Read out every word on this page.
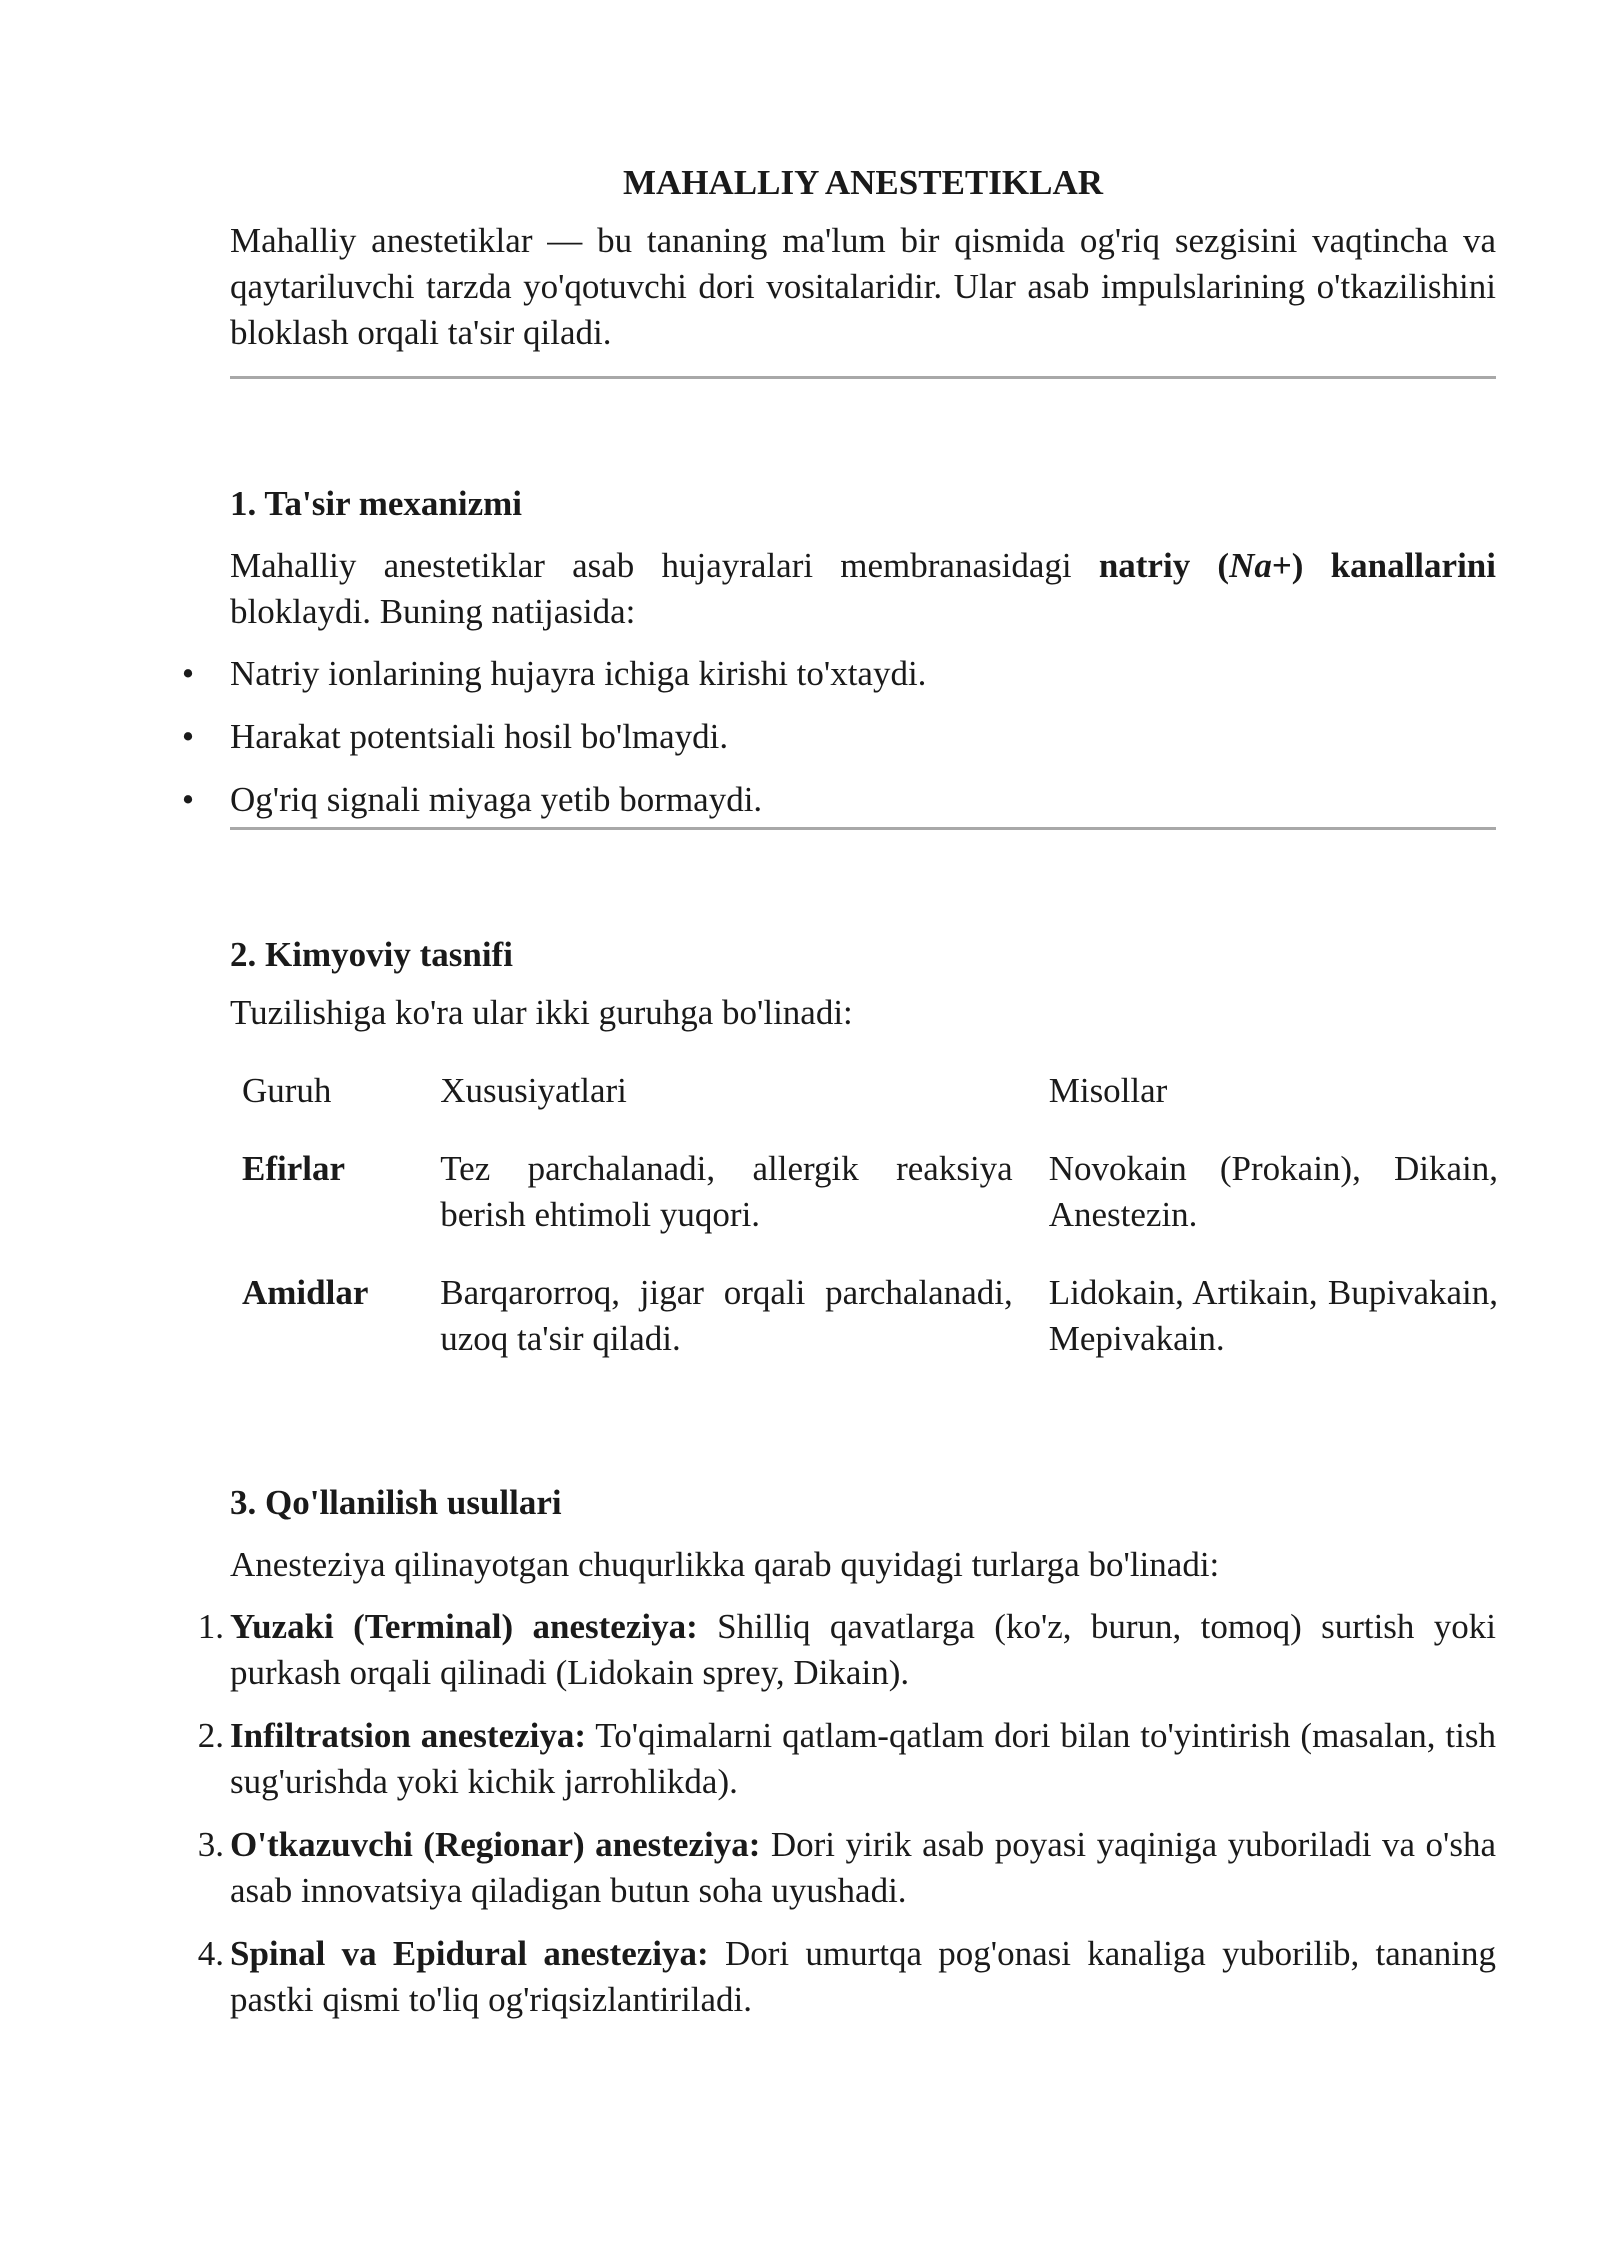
MAHALLIY ANESTETIKLAR

Mahalliy anestetiklar — bu tananing ma'lum bir qismida og'riq sezgisini vaqtincha va qaytariluvchi tarzda yo'qotuvchi dori vositalaridir. Ular asab impulslarining o'tkazilishini bloklash orqali ta'sir qiladi.

1. Ta'sir mexanizmi

Mahalliy anestetiklar asab hujayralari membranasidagi natriy (Na+) kanallarini bloklaydi. Buning natijasida:

• Natriy ionlarining hujayra ichiga kirishi to'xtaydi.
• Harakat potentsiali hosil bo'lmaydi.
• Og'riq signali miyaga yetib bormaydi.
2. Kimyoviy tasnifi

Tuzilishiga ko'ra ular ikki guruhga bo'linadi:

Guruh	Xususiyatlari	Misollar
Efirlar	Tez parchalanadi, allergik reaksiya berish ehtimoli yuqori.	Novokain (Prokain), Dikain, Anestezin.
Amidlar	Barqarorroq, jigar orqali parchalanadi, uzoq ta'sir qiladi.	Lidokain, Artikain, Bupivakain, Mepivakain.
3. Qo'llanilish usullari

Anesteziya qilinayotgan chuqurlikka qarab quyidagi turlarga bo'linadi:

1. Yuzaki (Terminal) anesteziya: Shilliq qavatlarga (ko'z, burun, tomoq) surtish yoki purkash orqali qilinadi (Lidokain sprey, Dikain).
2. Infiltratsion anesteziya: To'qimalarni qatlam-qatlam dori bilan to'yintirish (masalan, tish sug'urishda yoki kichik jarrohlikda).
3. O'tkazuvchi (Regionar) anesteziya: Dori yirik asab poyasi yaqiniga yuboriladi va o'sha asab innovatsiya qiladigan butun soha uyushadi.
4. Spinal va Epidural anesteziya: Dori umurtqa pog'onasi kanaliga yuborilib, tananing pastki qismi to'liq og'riqsizlantiriladi.
